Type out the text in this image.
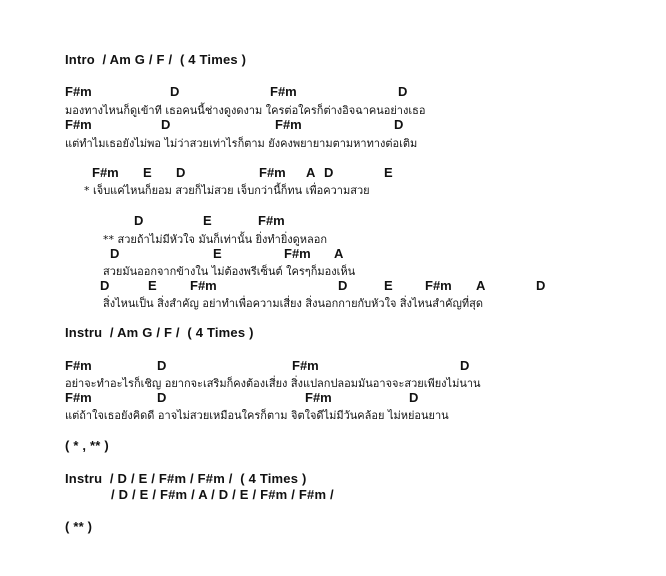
Intro  / Am G / F /  ( 4 Times )
F#m	D	F#m	D
มองทางไหนก็ดูเข้าที เธอคนนี้ช่างดูงดงาม ใครต่อใครก็ต่างอิจฉาคนอย่างเธอ
F#m	D	F#m	D
แต่ทำไมเธอยังไม่พอ ไม่ว่าสวยเท่าไรก็ตาม ยังคงพยายามตามหาทางต่อเติม
F#m E D	F#m A D	E
* เจ็บแค่ไหนก็ยอม สวยก็ไม่สวย เจ็บกว่านี้ก็ทน เพื่อความสวย
D	E	F#m
** สวยถ้าไม่มีหัวใจ มันก็เท่านั้น ยิ่งทำยิ่งดูหลอก
D	E	F#m A
สวยมันออกจากข้างใน ไม่ต้องพรีเซ็นต์ ใครๆก็มองเห็น
D	E	F#m	D	E F#m A	D
สิ่งไหนเป็น สิ่งสำคัญ อย่าทำเพื่อความเสี่ยง สิ่งนอกกายกับหัวใจ สิ่งไหนสำคัญที่สุด
Instru  / Am G / F /  ( 4 Times )
F#m	D	F#m	D
อย่าจะทำอะไรก็เชิญ อยากจะเสริมก็คงต้องเสี่ยง สิ่งแปลกปลอมมันอาจจะสวยเพียงไม่นาน
F#m	D	F#m	D
แต่ถ้าใจเธอยังคิดดี อาจไม่สวยเหมือนใครก็ตาม จิตใจดีไม่มีวันคล้อย ไม่หย่อนยาน
( * , ** )
Instru  / D / E / F#m / F#m /  ( 4 Times )
/ D / E / F#m / A / D / E / F#m / F#m /
( ** )
